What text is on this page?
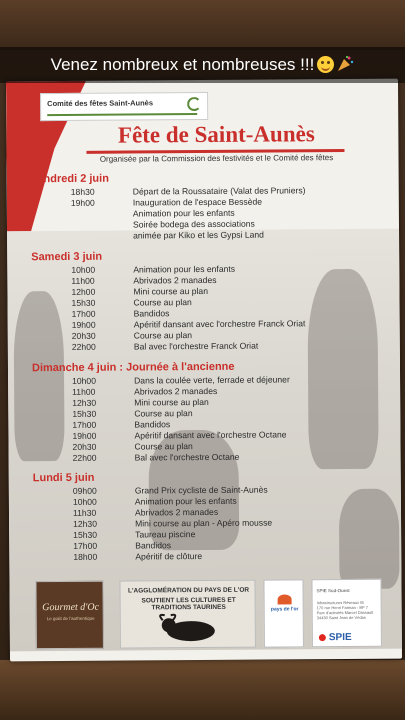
Venez nombreux et nombreuses !!!
Comité des fêtes Saint-Aunès
Fête de Saint-Aunès
Organisée par la Commission des festivités et le Comité des fêtes
Vendredi 2 juin
18h30	Départ de la Roussataire (Valat des Pruniers)
19h00	Inauguration de l'espace Bessède
Animation pour les enfants
Soirée bodega des associations
animée par Kiko et les Gypsi Land
Samedi 3 juin
10h00	Animation pour les enfants
11h00	Abrivados 2 manades
12h00	Mini course au plan
15h30	Course au plan
17h00	Bandidos
19h00	Apéritif dansant avec l'orchestre Franck Oriat
20h30	Course au plan
22h00	Bal avec l'orchestre Franck Oriat
Dimanche 4 juin : Journée à l'ancienne
10h00	Dans la coulée verte, ferrade et déjeuner
11h00	Abrivados 2 manades
12h30	Mini course au plan
15h30	Course au plan
17h00	Bandidos
19h00	Apéritif dansant avec l'orchestre Octane
20h30	Course au plan
22h00	Bal avec l'orchestre Octane
Lundi 5 juin
09h00	Grand Prix cycliste de Saint-Aunès
10h00	Animation pour les enfants
11h30	Abrivados 2 manades
12h30	Mini course au plan - Apéro mousse
15h30	Taureau piscine
17h00	Bandidos
18h00	Apéritif de clôture
Gourmet d'Oc
Le goût de l'authentique
L'AGGLOMÉRATION DU PAYS DE L'OR
SOUTIENT LES CULTURES ET TRADITIONS TAURINES	pays de l'or
SPIE Sud-Ouest
Infrastructures Réseaux IE
170 rue Henri Farman - BP 7
Parc d'activités Marcel Dassault
34430 Saint Jean de Védas
SPIE
